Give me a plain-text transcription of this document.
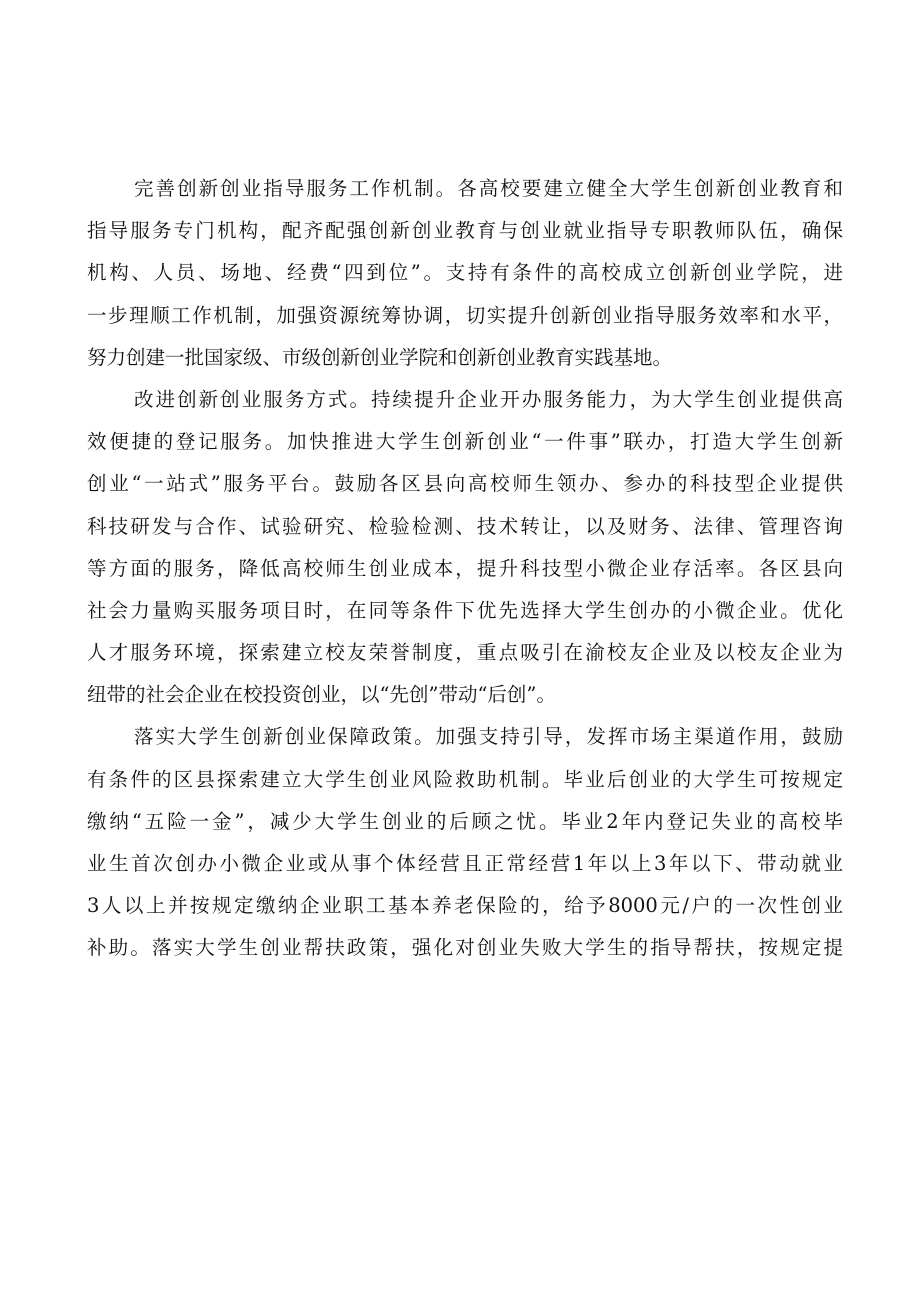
完善创新创业指导服务工作机制。各高校要建立健全大学生创新创业教育和
指导服务专门机构，配齐配强创新创业教育与创业就业指导专职教师队伍，确保
机构、人员、场地、经费“四到位”。支持有条件的高校成立创新创业学院，进
一步理顺工作机制，加强资源统筹协调，切实提升创新创业指导服务效率和水平，
努力创建一批国家级、市级创新创业学院和创新创业教育实践基地。
改进创新创业服务方式。持续提升企业开办服务能力，为大学生创业提供高
效便捷的登记服务。加快推进大学生创新创业“一件事”联办，打造大学生创新
创业“一站式”服务平台。鼓励各区县向高校师生领办、参办的科技型企业提供
科技研发与合作、试验研究、检验检测、技术转让，以及财务、法律、管理咨询
等方面的服务，降低高校师生创业成本，提升科技型小微企业存活率。各区县向
社会力量购买服务项目时，在同等条件下优先选择大学生创办的小微企业。优化
人才服务环境，探索建立校友荣誉制度，重点吸引在渝校友企业及以校友企业为
纽带的社会企业在校投资创业，以“先创”带动“后创”。
落实大学生创新创业保障政策。加强支持引导，发挥市场主渠道作用，鼓励
有条件的区县探索建立大学生创业风险救助机制。毕业后创业的大学生可按规定
缴纳“五险一金”，减少大学生创业的后顾之忧。毕业2年内登记失业的高校毕
业生首次创办小微企业或从事个体经营且正常经营1年以上3年以下、带动就业
3人以上并按规定缴纳企业职工基本养老保险的，给予8000元/户的一次性创业
补助。落实大学生创业帮扶政策，强化对创业失败大学生的指导帮扶，按规定提
